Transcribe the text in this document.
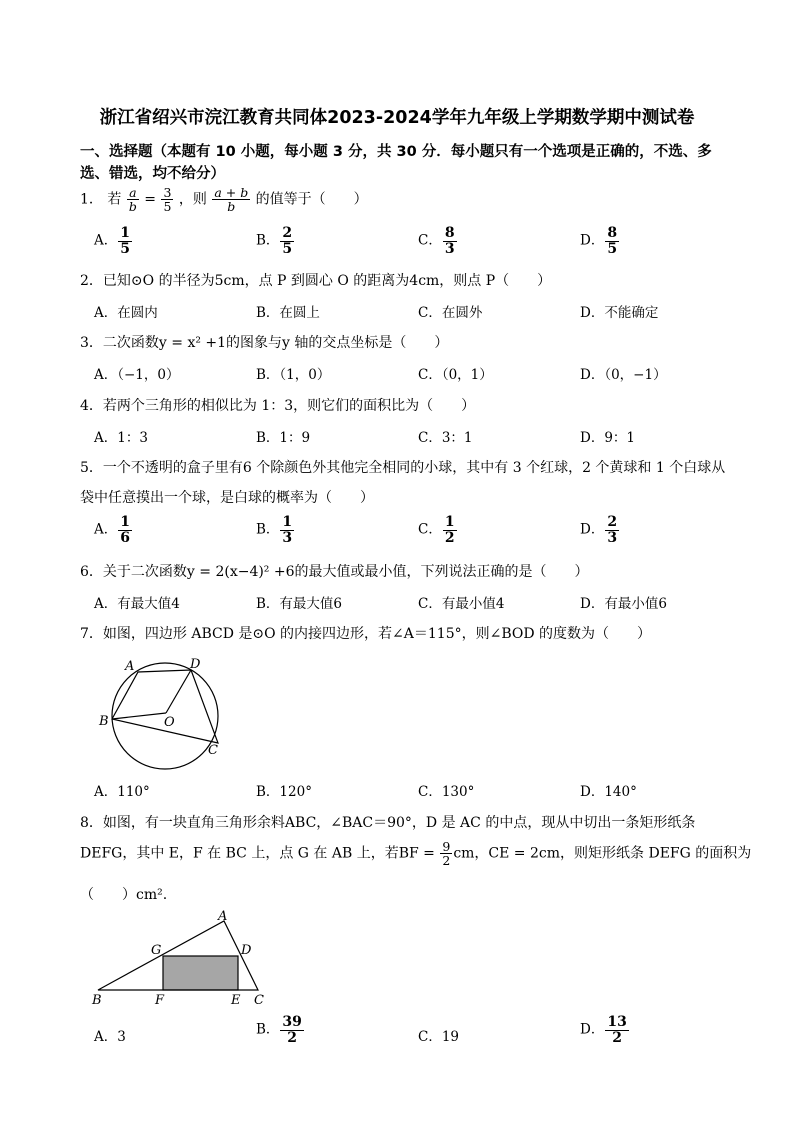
浙江省绍兴市浣江教育共同体2023-2024学年九年级上学期数学期中测试卷
一、选择题（本题有 10 小题，每小题 3 分，共 30 分．每小题只有一个选项是正确的，不选、多
选、错选，均不给分）
1． 若 $\frac{a}{b} = \frac{3}{5}$ ，则 $\frac{a + b}{b}$ 的值等于（　　）
A． $\frac{1}{5}$	B． $\frac{2}{5}$	C． $\frac{8}{3}$	D． $\frac{8}{5}$
2．已知⊙O 的半径为5cm，点 P 到圆心 O 的距离为4cm，则点 P（　　）
A．在圆内	B．在圆上	C．在圆外	D．不能确定
3．二次函数y = x² +1的图象与y 轴的交点坐标是（　　）
A．（−1，0）	B．（1，0）	C．（0，1）	D．（0，−1）
4．若两个三角形的相似比为 1：3，则它们的面积比为（　　）
A．1：3	B．1：9	C．3：1	D．9：1
5．一个不透明的盒子里有6 个除颜色外其他完全相同的小球，其中有 3 个红球，2 个黄球和 1 个白球从
袋中任意摸出一个球，是白球的概率为（　　）
A． $\frac{1}{6}$	B． $\frac{1}{3}$	C． $\frac{1}{2}$	D． $\frac{2}{3}$
6．关于二次函数y = 2(x−4)² +6的最大值或最小值，下列说法正确的是（　　）
A．有最大值4	B．有最大值6	C．有最小值4	D．有最小值6
7．如图，四边形 ABCD 是⊙O 的内接四边形，若∠A＝115°，则∠BOD 的度数为（　　）
A	D
B	O
C
A．110°	B．120°	C．130°	D．140°
8．如图，有一块直角三角形余料ABC，∠BAC＝90°，D 是 AC 的中点，现从中切出一条矩形纸条
DEFG，其中 E，F 在 BC 上，点 G 在 AB 上，若BF = $\frac{9}{2}$ cm，CE = 2cm，则矩形纸条 DEFG 的面积为
（　　）cm².
A
G	D
B	F	E C
A．3	B． $\frac{39}{2}$	C．19	D． $\frac{13}{2}$
